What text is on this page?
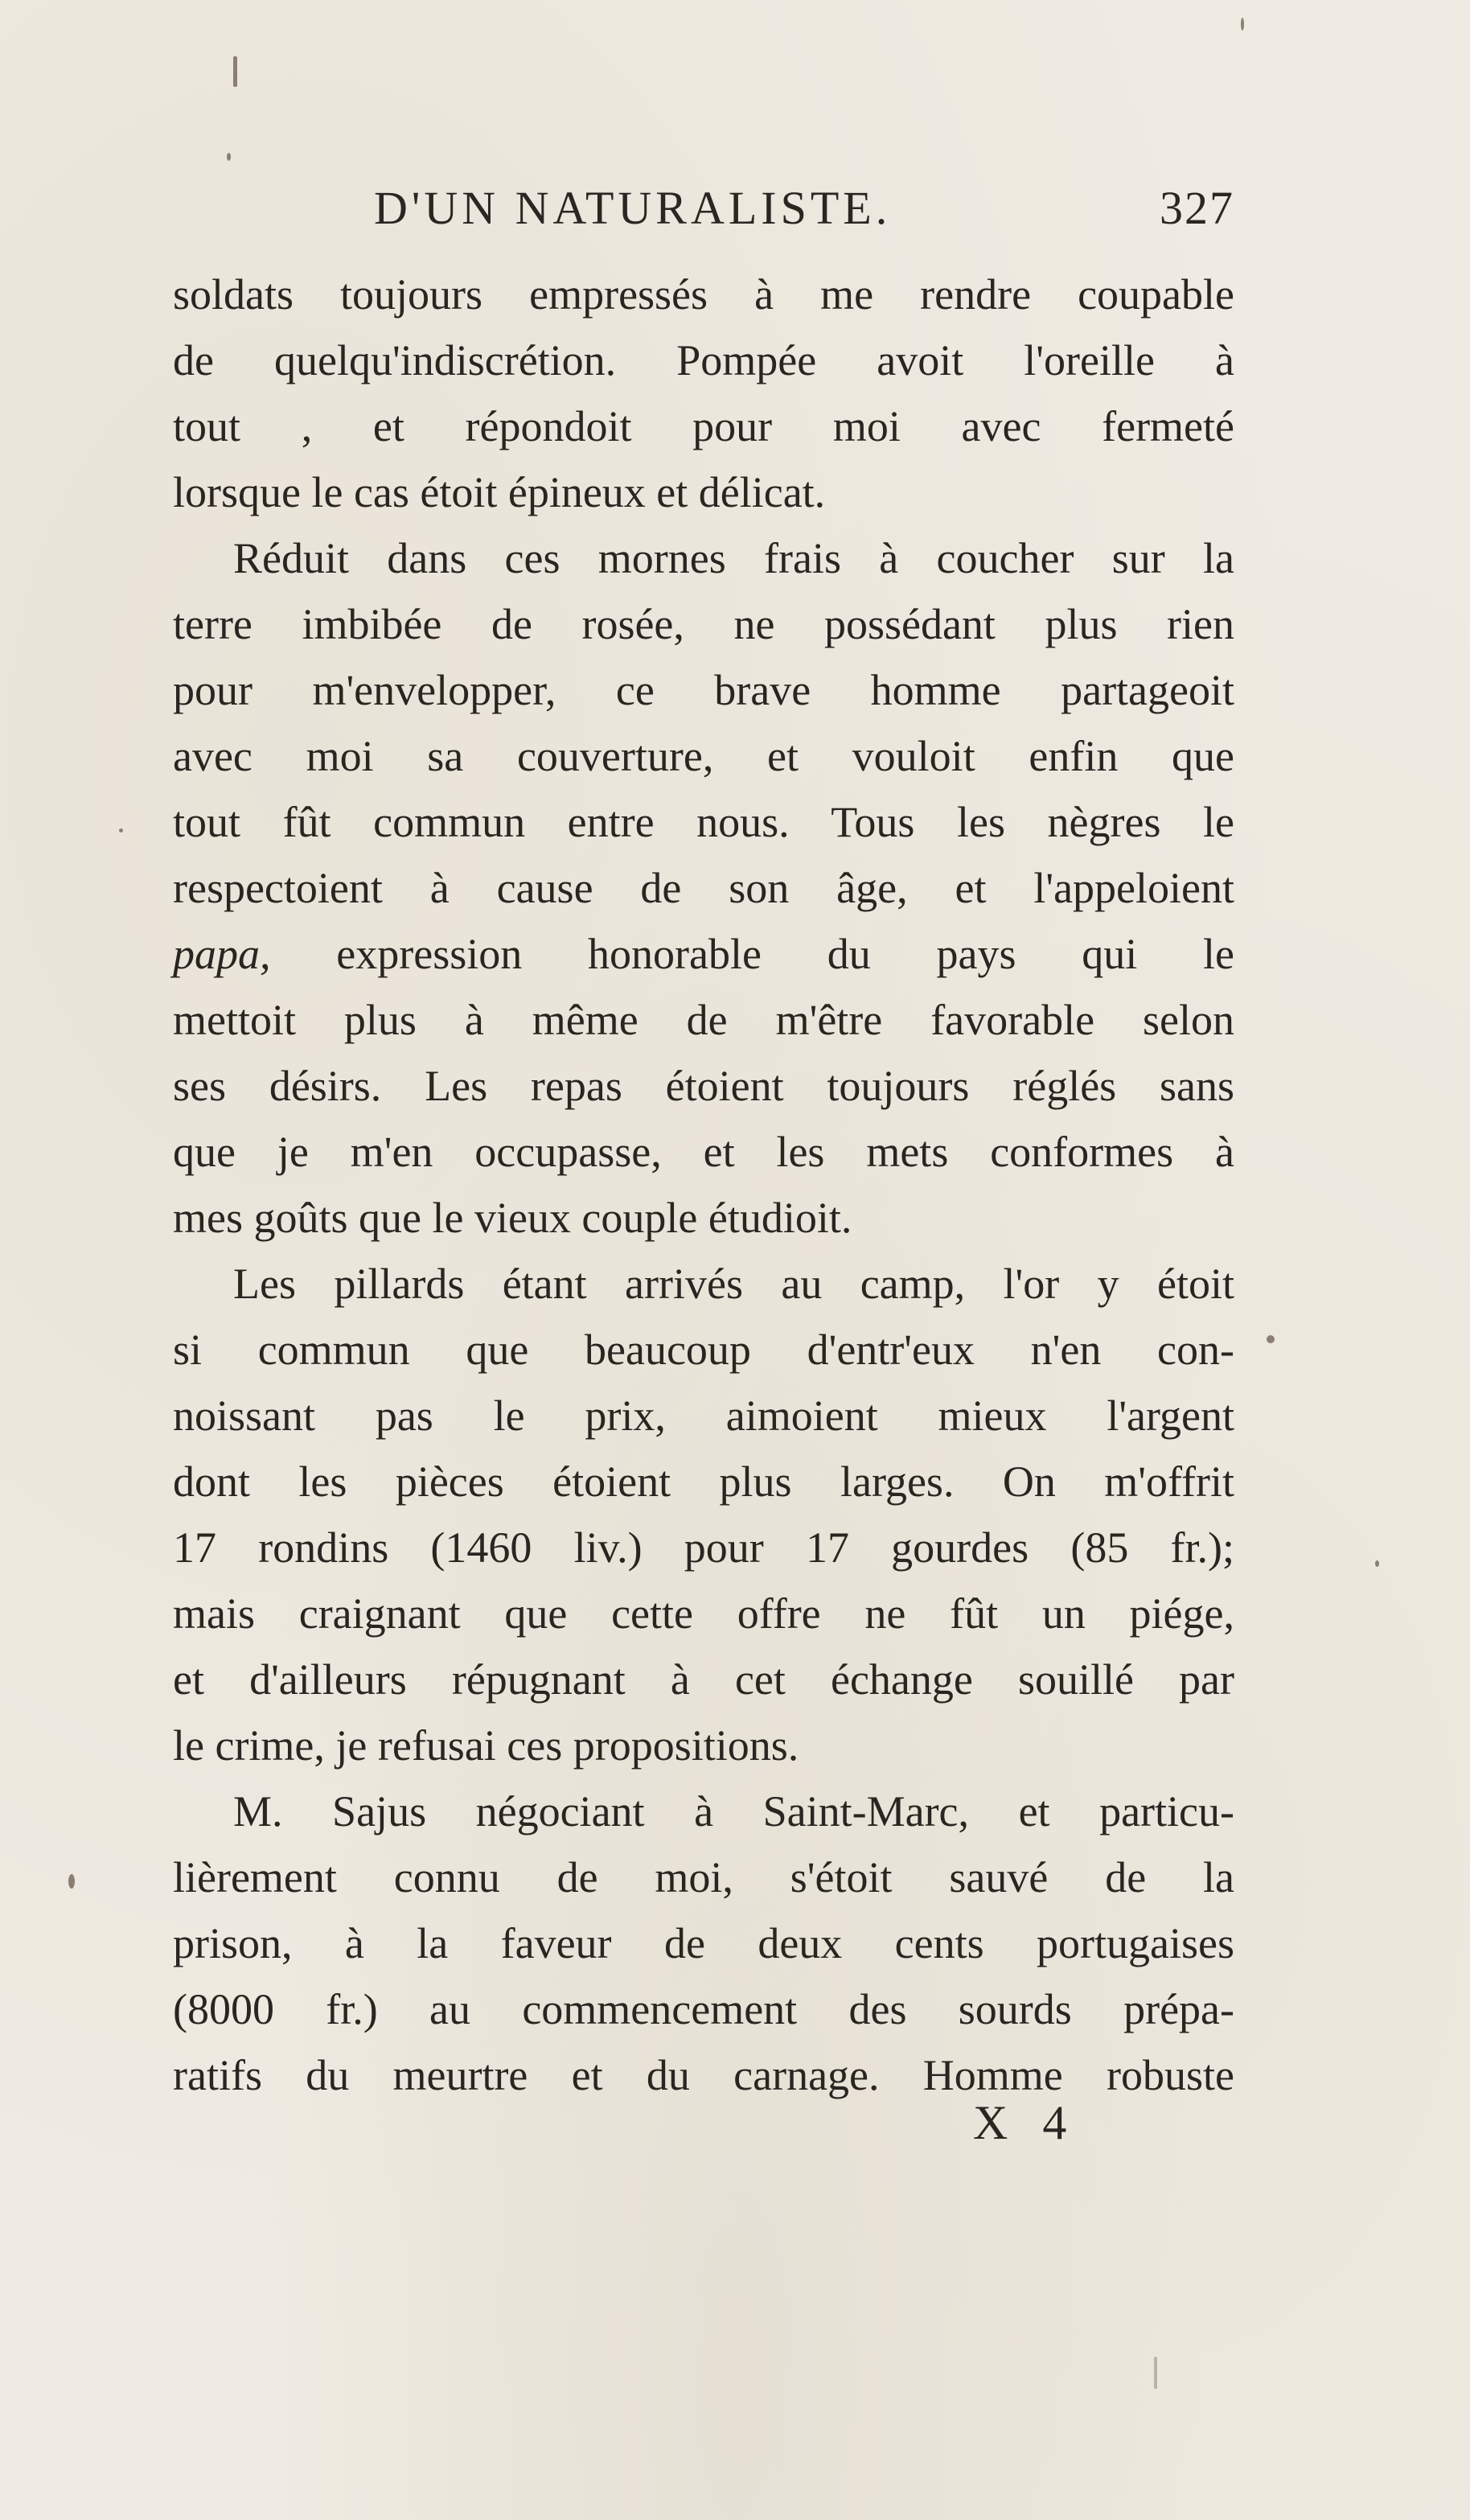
D'UN NATURALISTE.	327
soldats toujours empressés à me rendre coupable
de quelqu'indiscrétion. Pompée avoit l'oreille à
tout , et répondoit pour moi avec fermeté
lorsque le cas étoit épineux et délicat.
Réduit dans ces mornes frais à coucher sur la
terre imbibée de rosée, ne possédant plus rien
pour m'envelopper, ce brave homme partageoit
avec moi sa couverture, et vouloit enfin que
tout fût commun entre nous. Tous les nègres le
respectoient à cause de son âge, et l'appeloient
papa, expression honorable du pays qui le
mettoit plus à même de m'être favorable selon
ses désirs. Les repas étoient toujours réglés sans
que je m'en occupasse, et les mets conformes à
mes goûts que le vieux couple étudioit.
Les pillards étant arrivés au camp, l'or y étoit
si commun que beaucoup d'entr'eux n'en con-
noissant pas le prix, aimoient mieux l'argent
dont les pièces étoient plus larges. On m'offrit
17 rondins (1460 liv.) pour 17 gourdes (85 fr.);
mais craignant que cette offre ne fût un piége,
et d'ailleurs répugnant à cet échange souillé par
le crime, je refusai ces propositions.
M. Sajus négociant à Saint-Marc, et particu-
lièrement connu de moi, s'étoit sauvé de la
prison, à la faveur de deux cents portugaises
(8000 fr.) au commencement des sourds prépa-
ratifs du meurtre et du carnage. Homme robuste
X 4
